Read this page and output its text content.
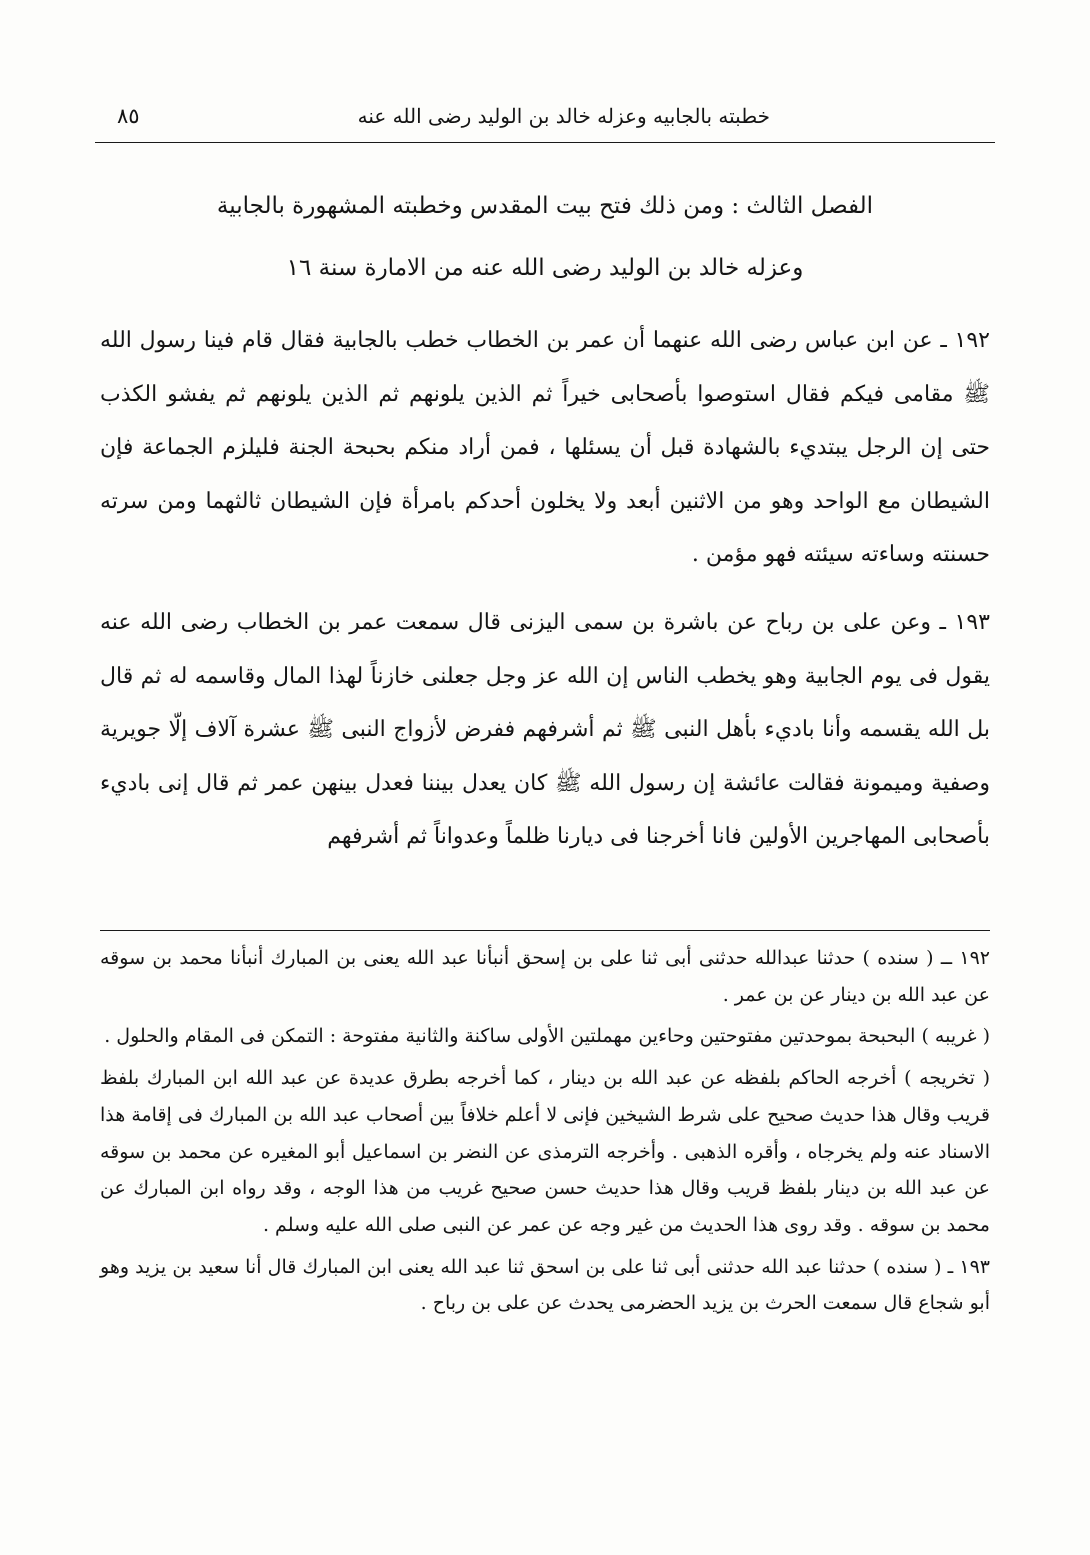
خطبته بالجابيه وعزله خالد بن الوليد رضى الله عنه
٨٥
الفصل الثالث : ومن ذلك فتح بيت المقدس وخطبته المشهورة بالجابية
وعزله خالد بن الوليد رضى الله عنه من الامارة سنة ١٦

١٩٢ ـ عن ابن عباس رضى الله عنهما أن عمر بن الخطاب خطب بالجابية فقال قام فينا رسول الله ﷺ مقامى فيكم فقال استوصوا بأصحابى خيراً ثم الذين يلونهم ثم الذين يلونهم ثم يفشو الكذب حتى إن الرجل يبتديء بالشهادة قبل أن يسئلها ، فمن أراد منكم بحبحة الجنة فليلزم الجماعة فإن الشيطان مع الواحد وهو من الاثنين أبعد ولا يخلون أحدكم بامرأة فإن الشيطان ثالثهما ومن سرته حسنته وساءته سيئته فهو مؤمن .

١٩٣ ـ وعن على بن رباح عن باشرة بن سمى اليزنى قال سمعت عمر بن الخطاب رضى الله عنه يقول فى يوم الجابية وهو يخطب الناس إن الله عز وجل جعلنى خازناً لهذا المال وقاسمه له ثم قال بل الله يقسمه وأنا باديء بأهل النبى ﷺ ثم أشرفهم ففرض لأزواج النبى ﷺ عشرة آلاف إلّا جويرية وصفية وميمونة فقالت عائشة إن رسول الله ﷺ كان يعدل بيننا فعدل بينهن عمر ثم قال إنى باديء بأصحابى المهاجرين الأولين فانا أخرجنا فى ديارنا ظلماً وعدواناً ثم أشرفهم

١٩٢ ــ ( سنده ) حدثنا عبدالله حدثنى أبى ثنا على بن إسحق أنبأنا عبد الله يعنى بن المبارك أنبأنا محمد بن سوقه عن عبد الله بن دينار عن بن عمر .

( غريبه ) البحبحة بموحدتين مفتوحتين وحاءين مهملتين الأولى ساكنة والثانية مفتوحة : التمكن فى المقام والحلول .

( تخريجه ) أخرجه الحاكم بلفظه عن عبد الله بن دينار ، كما أخرجه بطرق عديدة عن عبد الله ابن المبارك بلفظ قريب وقال هذا حديث صحيح على شرط الشيخين فإنى لا أعلم خلافاً بين أصحاب عبد الله بن المبارك فى إقامة هذا الاسناد عنه ولم يخرجاه ، وأقره الذهبى . وأخرجه الترمذى عن النضر بن اسماعيل أبو المغيره عن محمد بن سوقه عن عبد الله بن دينار بلفظ قريب وقال هذا حديث حسن صحيح غريب من هذا الوجه ، وقد رواه ابن المبارك عن محمد بن سوقه . وقد روى هذا الحديث من غير وجه عن عمر عن النبى صلى الله عليه وسلم .

١٩٣ ـ ( سنده ) حدثنا عبد الله حدثنى أبى ثنا على بن اسحق ثنا عبد الله يعنى ابن المبارك قال أنا سعيد بن يزيد وهو أبو شجاع قال سمعت الحرث بن يزيد الحضرمى يحدث عن على بن رباح .
